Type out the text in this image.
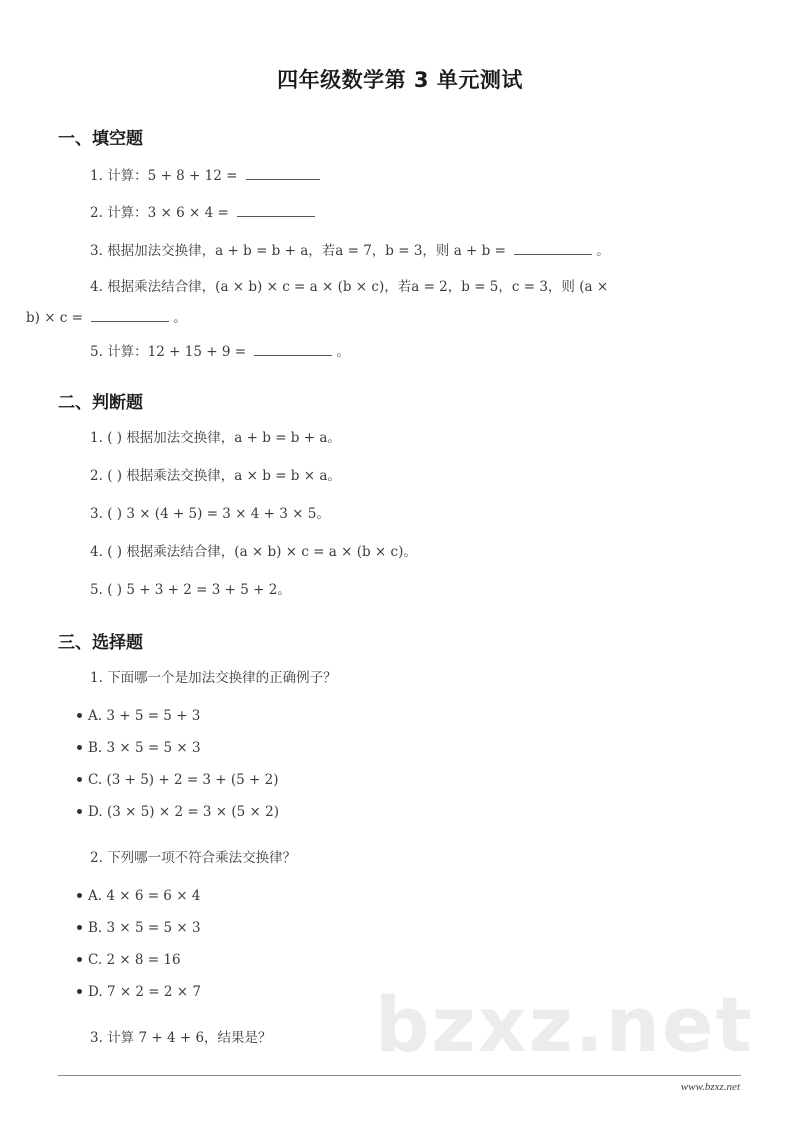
四年级数学第 3 单元测试
一、填空题
1. 计算：5 + 8 + 12 =
2. 计算：3 × 6 × 4 =
3. 根据加法交换律，a + b = b + a，若a = 7，b = 3，则 a + b =	。
4. 根据乘法结合律，(a × b) × c = a × (b × c)，若a = 2，b = 5，c = 3，则 (a ×
b) × c =	。
5. 计算：12 + 15 + 9 =	。
二、判断题
1. ( ) 根据加法交换律，a + b = b + a。
2. ( ) 根据乘法交换律，a × b = b × a。
3. ( ) 3 × (4 + 5) = 3 × 4 + 3 × 5。
4. ( ) 根据乘法结合律，(a × b) × c = a × (b × c)。
5. ( ) 5 + 3 + 2 = 3 + 5 + 2。
三、选择题
1. 下面哪一个是加法交换律的正确例子？
A. 3 + 5 = 5 + 3
B. 3 × 5 = 5 × 3
C. (3 + 5) + 2 = 3 + (5 + 2)
D. (3 × 5) × 2 = 3 × (5 × 2)
2. 下列哪一项不符合乘法交换律？
A. 4 × 6 = 6 × 4
B. 3 × 5 = 5 × 3
C. 2 × 8 = 16
D. 7 × 2 = 2 × 7
3. 计算 7 + 4 + 6，结果是？ bzxz.net
www.bzxz.net
